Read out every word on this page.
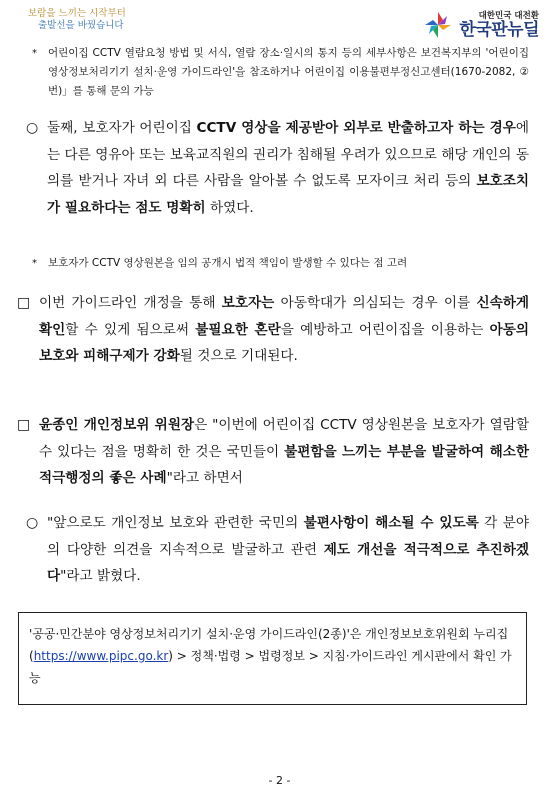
보람을 느끼는 시작부터
출발선을 바꿨습니다
대한민국 대전환
한국판뉴딜
*	어린이집 CCTV 열람요청 방법 및 서식, 열람 장소·일시의 통지 등의 세부사항은 보건복지부의 '어린이집 영상정보처리기기 설치·운영 가이드라인'을 참조하거나 어린이집 이용불편부정신고센터(1670-2082, ②번)」를 통해 문의 가능
○ 둘째, 보호자가 어린이집 CCTV 영상을 제공받아 외부로 반출하고자 하는 경우에는 다른 영유아 또는 보육교직원의 권리가 침해될 우려가 있으므로 해당 개인의 동의를 받거나 자녀 외 다른 사람을 알아볼 수 없도록 모자이크 처리 등의 보호조치가 필요하다는 점도 명확히 하였다.
*	보호자가 CCTV 영상원본을 임의 공개시 법적 책임이 발생할 수 있다는 점 고려
□ 이번 가이드라인 개정을 통해 보호자는 아동학대가 의심되는 경우 이를 신속하게 확인할 수 있게 됨으로써 불필요한 혼란을 예방하고 어린이집을 이용하는 아동의 보호와 피해구제가 강화될 것으로 기대된다.
□ 윤종인 개인정보위 위원장은 "이번에 어린이집 CCTV 영상원본을 보호자가 열람할 수 있다는 점을 명확히 한 것은 국민들이 불편함을 느끼는 부분을 발굴하여 해소한 적극행정의 좋은 사례"라고 하면서
○ "앞으로도 개인정보 보호와 관련한 국민의 불편사항이 해소될 수 있도록 각 분야의 다양한 의견을 지속적으로 발굴하고 관련 제도 개선을 적극적으로 추진하겠다"라고 밝혔다.
'공공·민간분야 영상정보처리기기 설치·운영 가이드라인(2종)'은 개인정보보호위원회 누리집(https://www.pipc.go.kr) > 정책·법령 > 법령정보 > 지침·가이드라인 게시판에서 확인 가능
- 2 -
